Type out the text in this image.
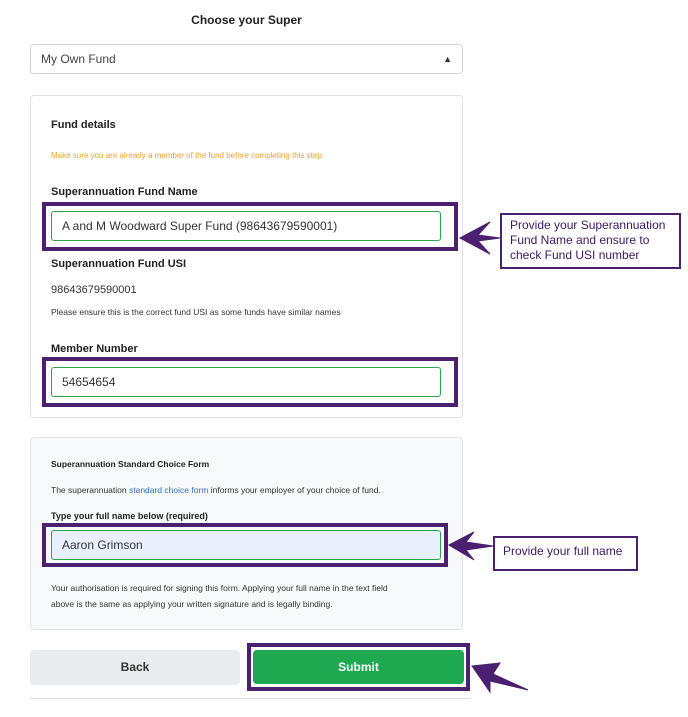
Choose your Super
My Own Fund	▲

Fund details
Make sure you are already a member of the fund before completing this step.
Superannuation Fund Name
A and M Woodward Super Fund (98643679590001)
Superannuation Fund USI
98643679590001
Please ensure this is the correct fund USI as some funds have similar names
Member Number
54654654
Superannuation Standard Choice Form
The superannuation standard choice form informs your employer of your choice of fund.
Type your full name below (required)
Aaron Grimson
Your authorisation is required for signing this form. Applying your full name in the text field
above is the same as applying your written signature and is legally binding.
Back	Submit
Provide your Superannuation
Fund Name and ensure to
check Fund USI number
Provide your full name
